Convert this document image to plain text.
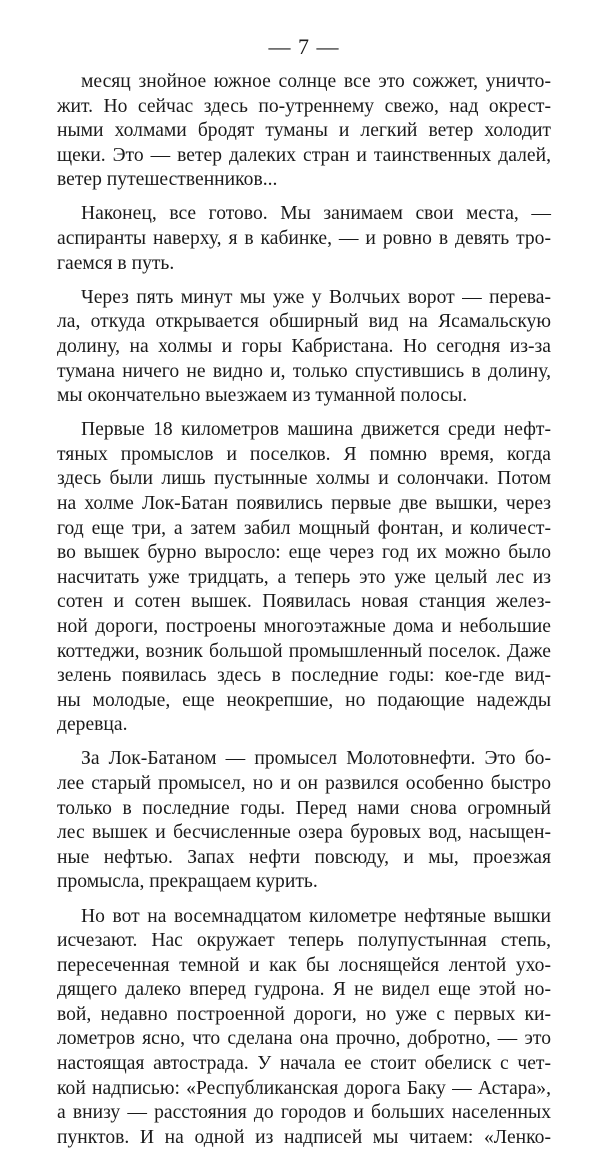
— 7 —
месяц знойное южное солнце все это сожжет, уничто-
жит. Но сейчас здесь по-утреннему свежо, над окрест-
ными холмами бродят туманы и легкий ветер холодит
щеки. Это — ветер далеких стран и таинственных далей,
ветер путешественников...
Наконец, все готово. Мы занимаем свои места, —
аспиранты наверху, я в кабинке, — и ровно в девять тро-
гаемся в путь.
Через пять минут мы уже у Волчьих ворот — перева-
ла, откуда открывается обширный вид на Ясамальскую
долину, на холмы и горы Кабристана. Но сегодня из-за
тумана ничего не видно и, только спустившись в долину,
мы окончательно выезжаем из туманной полосы.
Первые 18 километров машина движется среди нефт-
тяных промыслов и поселков. Я помню время, когда
здесь были лишь пустынные холмы и солончаки. Потом
на холме Лок-Батан появились первые две вышки, через
год еще три, а затем забил мощный фонтан, и количест-
во вышек бурно выросло: еще через год их можно было
насчитать уже тридцать, а теперь это уже целый лес из
сотен и сотен вышек. Появилась новая станция желез-
ной дороги, построены многоэтажные дома и небольшие
коттеджи, возник большой промышленный поселок. Даже
зелень появилась здесь в последние годы: кое-где вид-
ны молодые, еще неокрепшие, но подающие надежды
деревца.
За Лок-Батаном — промысел Молотовнефти. Это бо-
лее старый промысел, но и он развился особенно быстро
только в последние годы. Перед нами снова огромный
лес вышек и бесчисленные озера буровых вод, насыщен-
ные нефтью. Запах нефти повсюду, и мы, проезжая
промысла, прекращаем курить.
Но вот на восемнадцатом километре нефтяные вышки
исчезают. Нас окружает теперь полупустынная степь,
пересеченная темной и как бы лоснящейся лентой ухо-
дящего далеко вперед гудрона. Я не видел еще этой но-
вой, недавно построенной дороги, но уже с первых ки-
лометров ясно, что сделана она прочно, добротно, — это
настоящая автострада. У начала ее стоит обелиск с чет-
кой надписью: «Республиканская дорога Баку — Астара»,
а внизу — расстояния до городов и больших населенных
пунктов. И на одной из надписей мы читаем: «Ленко-
